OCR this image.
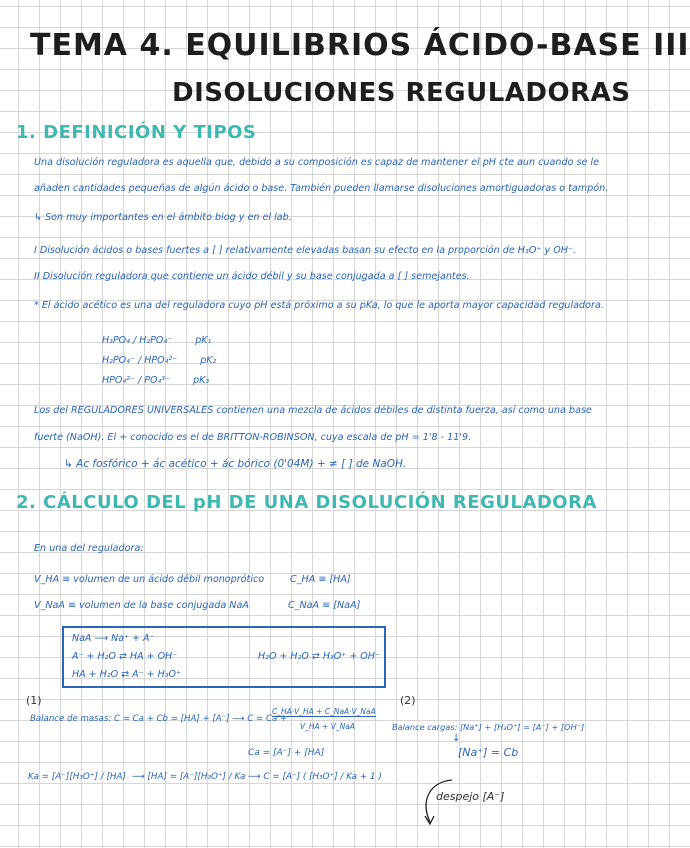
TEMA 4. EQUILIBRIOS ÁCIDO-BASE III
DISOLUCIONES REGULADORAS
1. DEFINICIÓN Y TIPOS
Una disolución reguladora es aquella que, debido a su composición es capaz de mantener el pH cte aun cuando se le
añaden cantidades pequeñas de algún ácido o base. También pueden llamarse disoluciones amortiguadoras o tampón.
↳ Son muy importantes en el ámbito biog y en el lab.
I Disolución ácidos o bases fuertes a [ ] relativamente elevadas basan su efecto en la proporción de H₃O⁺ y OH⁻.
II Disolución reguladora que contiene un ácido débil y su base conjugada a [ ] semejantes.
* El ácido acético es una del reguladora cuyo pH está próximo a su pKa, lo que le aporta mayor capacidad reguladora.
H₃PO₄ / H₂PO₄⁻ pK₁
H₂PO₄⁻ / HPO₄²⁻ pK₂
HPO₄²⁻ / PO₄³⁻ pK₃
Los del REGULADORES UNIVERSALES contienen una mezcla de ácidos débiles de distinta fuerza, así como una base
fuerte (NaOH). El + conocido es el de BRITTON-ROBINSON, cuya escala de pH = 1'8 - 11'9.
↳ Ac fosfórico + ác acético + ác bórico (0'04M) + ≠ [ ] de NaOH.
2. CÁLCULO DEL pH DE UNA DISOLUCIÓN REGULADORA
En una del reguladora:
V_HA ≡ volumen de un ácido débil monoprótico	C_HA ≡ [HA]
V_NaA ≡ volumen de la base conjugada NaA	C_NaA ≡ [NaA]
NaA ⟶ Na⁺ + A⁻
A⁻ + H₂O ⇄ HA + OH⁻
HA + H₂O ⇄ A⁻ + H₃O⁺
H₂O + H₂O ⇄ H₃O⁺ + OH⁻
(1)	(2)
Balance de masas: C = Ca + Cb = [HA] + [A⁻] ⟶ C = Ca +
C_HA·V_HA + C_NaA·V_NaA
V_HA + V_NaA	Balance cargas: [Na⁺] + [H₃O⁺] = [A⁻] + [OH⁻]
↓
[Na⁺] = Cb
Ca = [A⁻] + [HA]
Ka = [A⁻][H₃O⁺] / [HA] ⟶ [HA] = [A⁻][H₃O⁺] / Ka ⟶ C = [A⁻] ( [H₃O⁺] / Ka + 1 )
despejo [A⁻]
